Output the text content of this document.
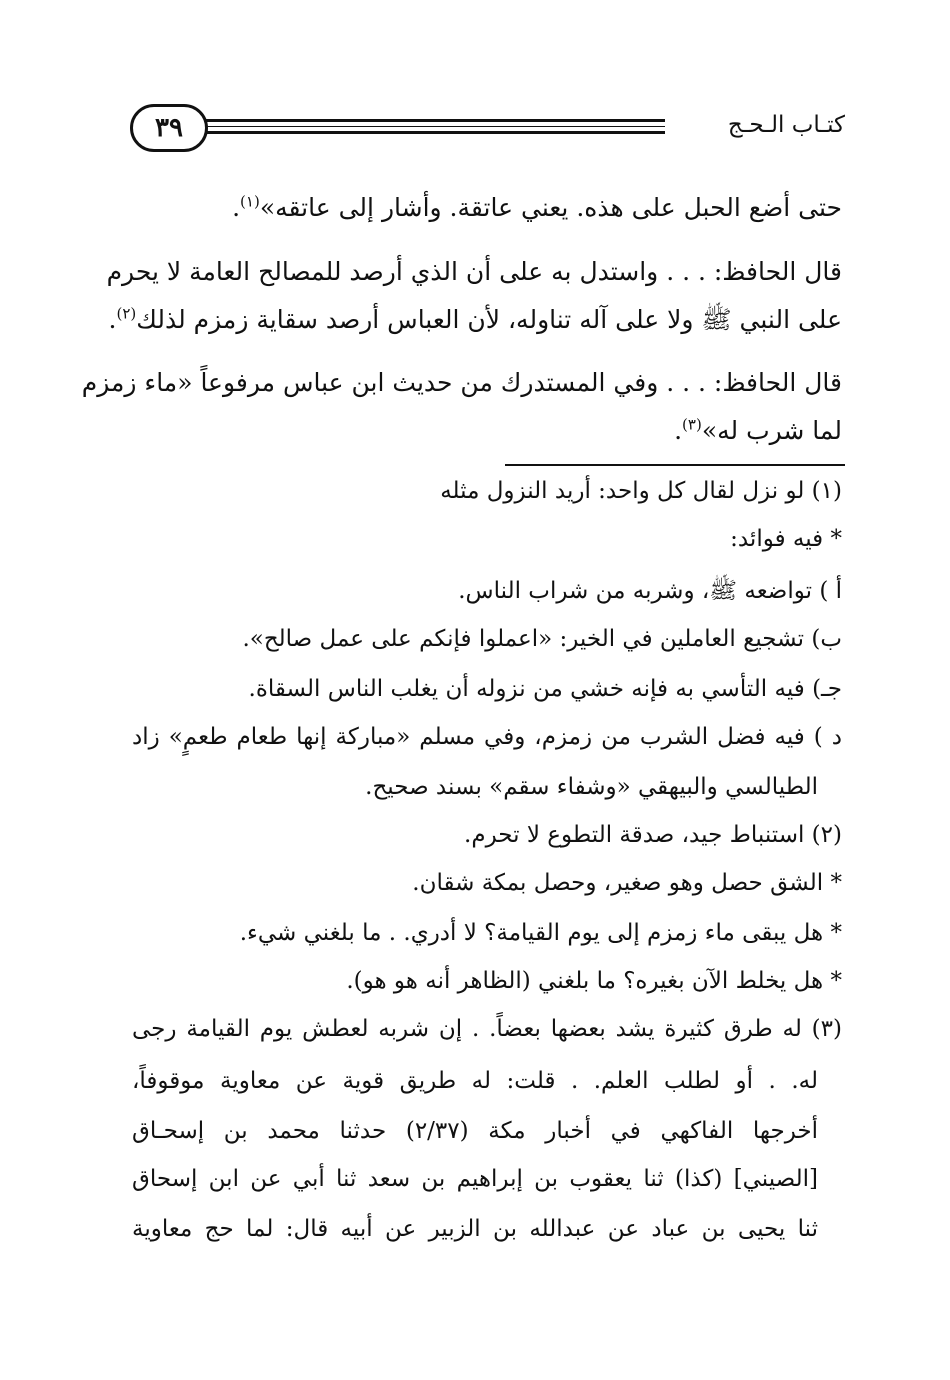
٣٩	كتـاب الـحـج
حتى أضع الحبل على هذه. يعني عاتقة. وأشار إلى عاتقه»$^{(١)}$.
قال الحافظ: . . . واستدل به على أن الذي أرصد للمصالح العامة لا يحرم
على النبي ﷺ ولا على آله تناوله، لأن العباس أرصد سقاية زمزم لذلك$^{(٢)}$.
قال الحافظ: . . . وفي المستدرك من حديث ابن عباس مرفوعاً «ماء زمزم
لما شرب له»$^{(٣)}$.
(١) لو نزل لقال كل واحد: أريد النزول مثله
* فيه فوائد:
أ ) تواضعه ﷺ، وشربه من شراب الناس.
ب) تشجيع العاملين في الخير: «اعملوا فإنكم على عمل صالح».
جـ) فيه التأسي به فإنه خشي من نزوله أن يغلب الناس السقاة.
د ) فيه فضل الشرب من زمزم، وفي مسلم «مباركة إنها طعام طعمٍ» زاد
الطيالسي والبيهقي «وشفاء سقم» بسند صحيح.
(٢) استنباط جيد، صدقة التطوع لا تحرم.
* الشق حصل وهو صغير، وحصل بمكة شقان.
* هل يبقى ماء زمزم إلى يوم القيامة؟ لا أدري. . ما بلغني شيء.
* هل يخلط الآن بغيره؟ ما بلغني (الظاهر أنه هو هو).
(٣) له طرق كثيرة يشد بعضها بعضاً. . إن شربه لعطش يوم القيامة رجى
له. . أو لطلب العلم. . قلت: له طريق قوية عن معاوية موقوفاً،
أخرجها الفاكهي في أخبار مكة (٢/٣٧) حدثنا محمد بن إسحـاق
[الصيني] (كذا) ثنا يعقوب بن إبراهيم بن سعد ثنا أبي عن ابن إسحاق
ثنا يحيى بن عباد عن عبدالله بن الزبير عن أبيه قال: لما حج معاوية
